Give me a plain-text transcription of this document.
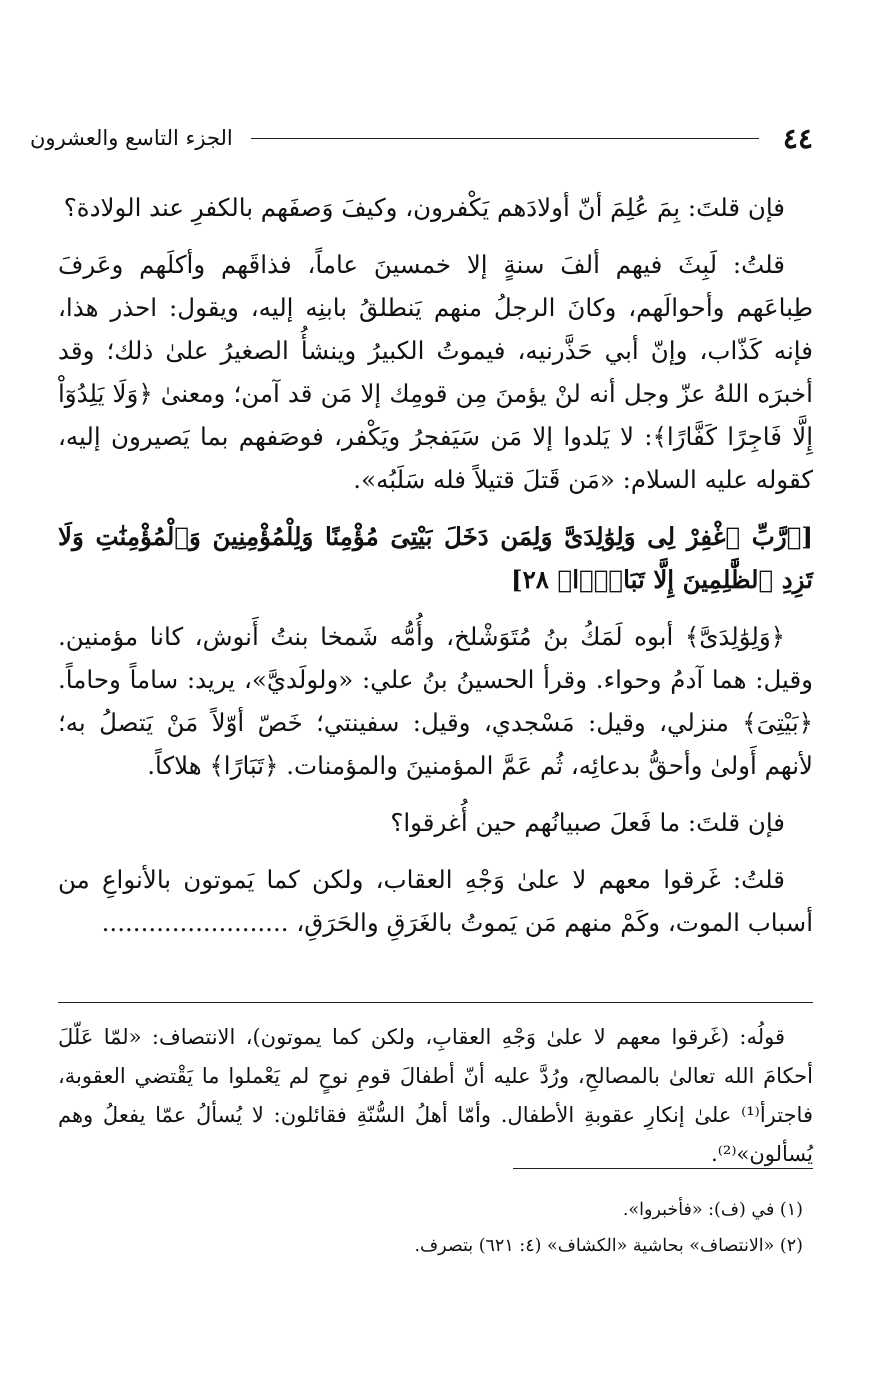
٤٤
الجزء التاسع والعشرون

فإن قلتَ: بِمَ عُلِمَ أنّ أولادَهم يَكْفرون، وكيفَ وَصفَهم بالكفرِ عند الولادة؟

قلتُ: لَبِثَ فيهم ألفَ سنةٍ إلا خمسينَ عاماً، فذاقَهم وأكلَهم وعَرفَ طِباعَهم وأحوالَهم، وكانَ الرجلُ منهم يَنطلقُ بابنِه إليه، ويقول: احذر هذا، فإنه كَذّاب، وإنّ أبي حَذَّرنيه، فيموتُ الكبيرُ وينشأُ الصغيرُ علىٰ ذلك؛ وقد أخبرَه اللهُ عزّ وجل أنه لنْ يؤمنَ مِن قومِك إلا مَن قد آمن؛ ومعنىٰ ﴿وَلَا يَلِدُوٓاْ إِلَّا فَاجِرًا كَفَّارًا﴾: لا يَلدوا إلا مَن سَيَفجرُ ويَكْفر، فوصَفهم بما يَصيرون إليه، كقوله عليه السلام: «مَن قَتلَ قتيلاً فله سَلَبُه».

[﴿رَّبِّ ٱغْفِرْ لِى وَلِوَٰلِدَىَّ وَلِمَن دَخَلَ بَيْتِىَ مُؤْمِنًا وَلِلْمُؤْمِنِينَ وَٱلْمُؤْمِنَٰتِ وَلَا تَزِدِ ٱلظَّٰلِمِينَ إِلَّا تَبَارًۢا﴾ ٢٨]

﴿وَلِوَٰلِدَىَّ﴾ أبوه لَمَكُ بنُ مُتَوَشْلخ، وأُمُّه شَمخا بنتُ أَنوش، كانا مؤمنين. وقيل: هما آدمُ وحواء. وقرأ الحسينُ بنُ علي: «ولولَديَّ»، يريد: ساماً وحاماً. ﴿بَيْتِىَ﴾ منزلي، وقيل: مَسْجدي، وقيل: سفينتي؛ خَصّ أوّلاً مَنْ يَتصلُ به؛ لأنهم أَولىٰ وأحقُّ بدعائِه، ثُم عَمَّ المؤمنينَ والمؤمنات. ﴿تَبَارًا﴾ هلاكاً.

فإن قلتَ: ما فَعلَ صبيانُهم حين أُغرقوا؟

قلتُ: غَرقوا معهم لا علىٰ وَجْهِ العقاب، ولكن كما يَموتون بالأنواعِ من أسباب الموت، وكَمْ منهم مَن يَموتُ بالغَرَقِ والحَرَقِ، ........................

قولُه: (غَرقوا معهم لا علىٰ وَجْهِ العقابِ، ولكن كما يموتون)، الانتصاف: «لمّا عَلّلَ أحكامَ الله تعالىٰ بالمصالحِ، ورُدَّ عليه أنّ أطفالَ قومِ نوحٍ لم يَعْملوا ما يَقْتضي العقوبة، فاجترأ⁽¹⁾ علىٰ إنكارِ عقوبةِ الأطفال. وأمّا أهلُ السُّنّةِ فقائلون: لا يُسألُ عمّا يفعلُ وهم يُسألون»⁽²⁾.

(١) في (ف): «فأخبروا».
(٢) «الانتصاف» بحاشية «الكشاف» (٤: ٦٢١) بتصرف.
